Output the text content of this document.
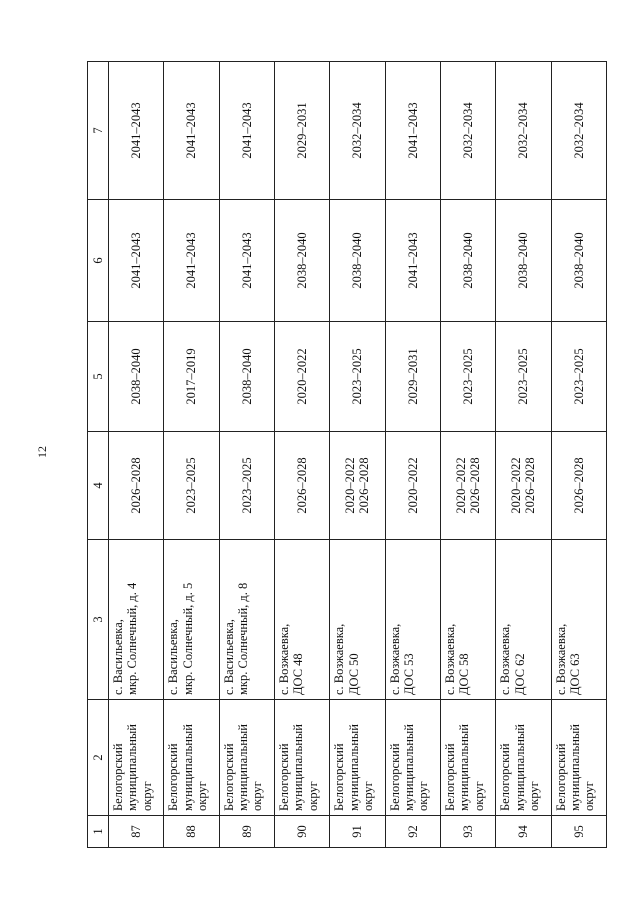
12
1	2	3	4	5	6	7
87	Белогорский муниципальный округ	с. Васильевка, мкр. Солнечный, д. 4	2026–2028	2038–2040	2041–2043	2041–2043
88	Белогорский муниципальный округ	с. Васильевка, мкр. Солнечный, д. 5	2023–2025	2017–2019	2041–2043	2041–2043
89	Белогорский муниципальный округ	с. Васильевка, мкр. Солнечный, д. 8	2023–2025	2038–2040	2041–2043	2041–2043
90	Белогорский муниципальный округ	с. Возжаевка, ДОС 48	2026–2028	2020–2022	2038–2040	2029–2031
91	Белогорский муниципальный округ	с. Возжаевка, ДОС 50	2020–2022 2026–2028	2023–2025	2038–2040	2032–2034
92	Белогорский муниципальный округ	с. Возжаевка, ДОС 53	2020–2022	2029–2031	2041–2043	2041–2043
93	Белогорский муниципальный округ	с. Возжаевка, ДОС 58	2020–2022 2026–2028	2023–2025	2038–2040	2032–2034
94	Белогорский муниципальный округ	с. Возжаевка, ДОС 62	2020–2022 2026–2028	2023–2025	2038–2040	2032–2034
95	Белогорский муниципальный округ	с. Возжаевка, ДОС 63	2026–2028	2023–2025	2038–2040	2032–2034
